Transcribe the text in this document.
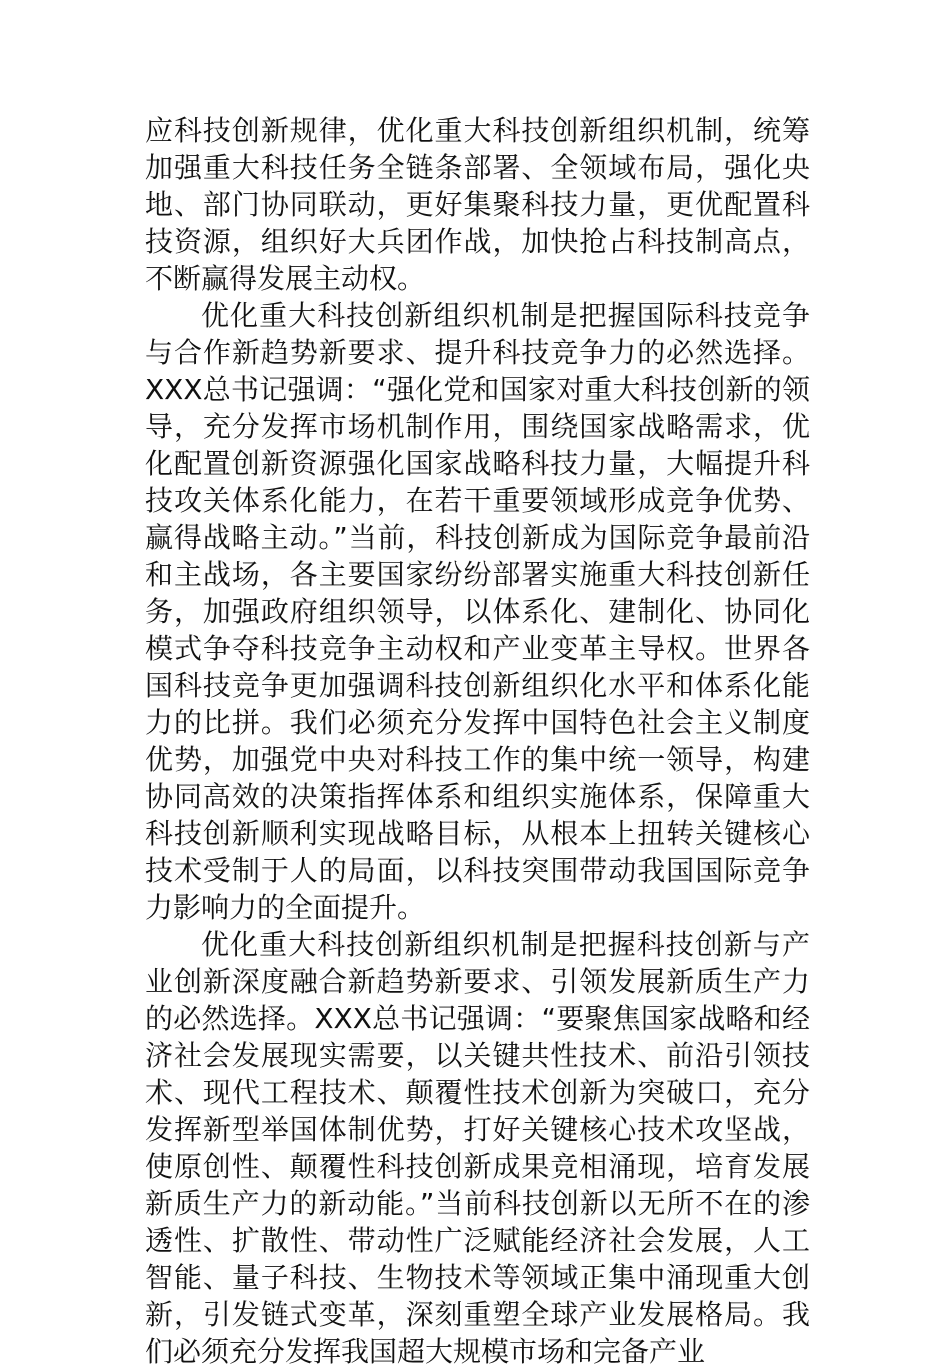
应科技创新规律，优化重大科技创新组织机制，统筹加强重大科技任务全链条部署、全领域布局，强化央地、部门协同联动，更好集聚科技力量，更优配置科技资源，组织好大兵团作战，加快抢占科技制高点，不断赢得发展主动权。

优化重大科技创新组织机制是把握国际科技竞争与合作新趋势新要求、提升科技竞争力的必然选择。XXX总书记强调：“强化党和国家对重大科技创新的领导，充分发挥市场机制作用，围绕国家战略需求，优化配置创新资源强化国家战略科技力量，大幅提升科技攻关体系化能力，在若干重要领域形成竞争优势、赢得战略主动。”当前，科技创新成为国际竞争最前沿和主战场，各主要国家纷纷部署实施重大科技创新任务，加强政府组织领导，以体系化、建制化、协同化模式争夺科技竞争主动权和产业变革主导权。世界各国科技竞争更加强调科技创新组织化水平和体系化能力的比拼。我们必须充分发挥中国特色社会主义制度优势，加强党中央对科技工作的集中统一领导，构建协同高效的决策指挥体系和组织实施体系，保障重大科技创新顺利实现战略目标，从根本上扭转关键核心技术受制于人的局面，以科技突围带动我国国际竞争力影响力的全面提升。

优化重大科技创新组织机制是把握科技创新与产业创新深度融合新趋势新要求、引领发展新质生产力的必然选择。XXX总书记强调：“要聚焦国家战略和经济社会发展现实需要，以关键共性技术、前沿引领技术、现代工程技术、颠覆性技术创新为突破口，充分发挥新型举国体制优势，打好关键核心技术攻坚战，使原创性、颠覆性科技创新成果竞相涌现，培育发展新质生产力的新动能。”当前科技创新以无所不在的渗透性、扩散性、带动性广泛赋能经济社会发展，人工智能、量子科技、生物技术等领域正集中涌现重大创新，引发链式变革，深刻重塑全球产业发展格局。我们必须充分发挥我国超大规模市场和完备产业
